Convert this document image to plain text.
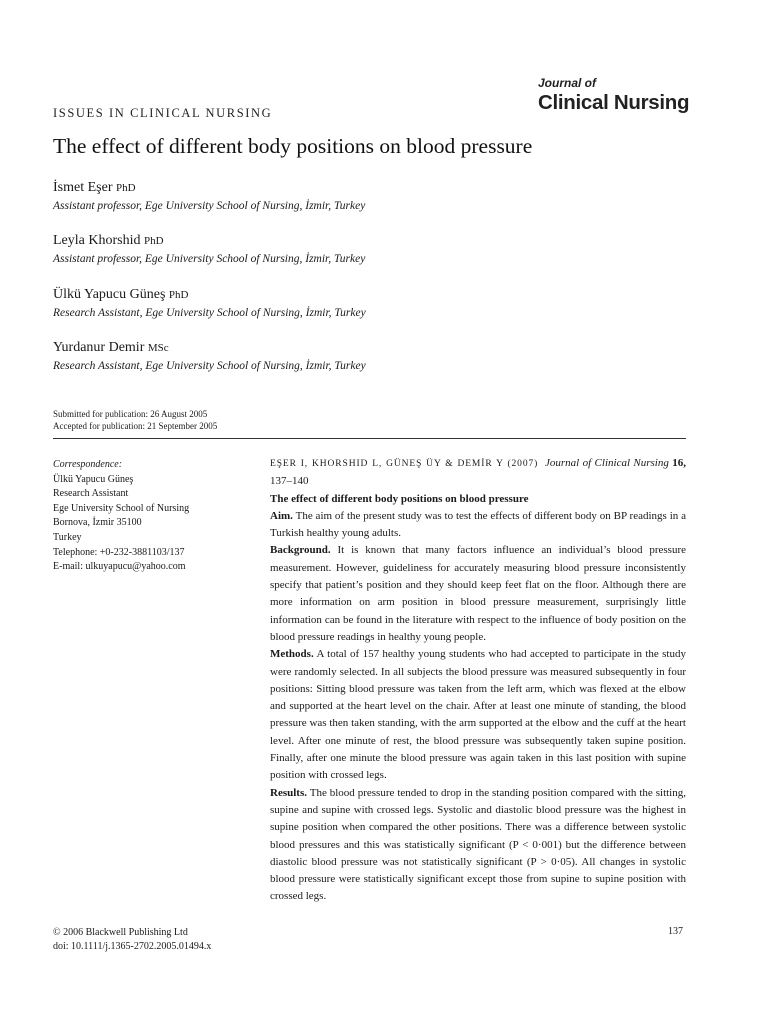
Journal of
Clinical Nursing
ISSUES IN CLINICAL NURSING
The effect of different body positions on blood pressure
İsmet Eşer PhD
Assistant professor, Ege University School of Nursing, İzmir, Turkey
Leyla Khorshid PhD
Assistant professor, Ege University School of Nursing, İzmir, Turkey
Ülkü Yapucu Güneş PhD
Research Assistant, Ege University School of Nursing, İzmir, Turkey
Yurdanur Demir MSc
Research Assistant, Ege University School of Nursing, İzmir, Turkey
Submitted for publication: 26 August 2005
Accepted for publication: 21 September 2005
Correspondence:
Ülkü Yapucu Güneş
Research Assistant
Ege University School of Nursing
Bornova, İzmir 35100
Turkey
Telephone: +0-232-3881103/137
E-mail: ulkuyapucu@yahoo.com

EŞER I, KHORSHID L, GÜNEŞ ÜY & DEMİR Y (2007) Journal of Clinical Nursing 16, 137–140

The effect of different body positions on blood pressure

Aim. The aim of the present study was to test the effects of different body on BP readings in a Turkish healthy young adults.

Background. It is known that many factors influence an individual’s blood pressure measurement. However, guideliness for accurately measuring blood pressure inconsistently specify that patient’s position and they should keep feet flat on the floor. Although there are more information on arm position in blood pressure measurement, surprisingly little information can be found in the literature with respect to the influence of body position on the blood pressure readings in healthy young people.

Methods. A total of 157 healthy young students who had accepted to participate in the study were randomly selected. In all subjects the blood pressure was measured subsequently in four positions: Sitting blood pressure was taken from the left arm, which was flexed at the elbow and supported at the heart level on the chair. After at least one minute of standing, the blood pressure was then taken standing, with the arm supported at the elbow and the cuff at the heart level. After one minute of rest, the blood pressure was subsequently taken supine position. Finally, after one minute the blood pressure was again taken in this last position with supine position with crossed legs.

Results. The blood pressure tended to drop in the standing position compared with the sitting, supine and supine with crossed legs. Systolic and diastolic blood pressure was the highest in supine position when compared the other positions. There was a difference between systolic blood pressures and this was statistically significant (P < 0·001) but the difference between diastolic blood pressure was not statistically significant (P > 0·05). All changes in systolic blood pressure were statistically significant except those from supine to supine position with crossed legs.

© 2006 Blackwell Publishing Ltd
doi: 10.1111/j.1365-2702.2005.01494.x
137
